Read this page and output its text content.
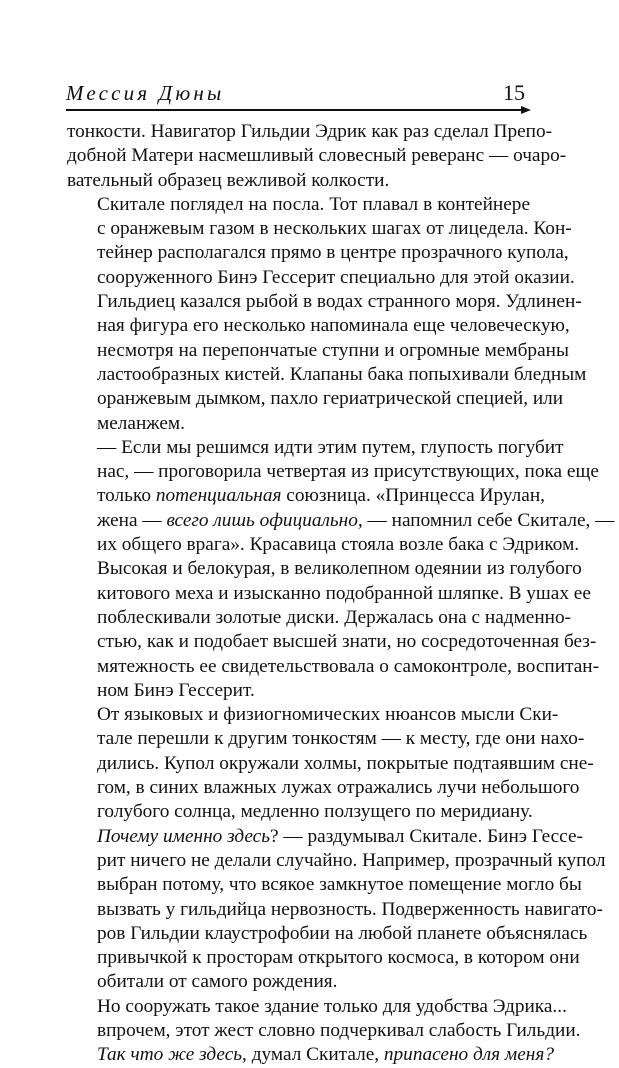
Мессия Дюны	15

тонкости. Навигатор Гильдии Эдрик как раз сделал Препо-
добной Матери насмешливый словесный реверанс — очаро-
вательный образец вежливой колкости.

Скитале поглядел на посла. Тот плавал в контейнере
с оранжевым газом в нескольких шагах от лицедела. Кон-
тейнер располагался прямо в центре прозрачного купола,
сооруженного Бинэ Гессерит специально для этой оказии.
Гильдиец казался рыбой в водах странного моря. Удлинен-
ная фигура его несколько напоминала еще человеческую,
несмотря на перепончатые ступни и огромные мембраны
ластообразных кистей. Клапаны бака попыхивали бледным
оранжевым дымком, пахло гериатрической специей, или
меланжем.

— Если мы решимся идти этим путем, глупость погубит
нас, — проговорила четвертая из присутствующих, пока еще
только потенциальная союзница. «Принцесса Ирулан,
жена — всего лишь официально, — напомнил себе Скитале, —
их общего врага». Красавица стояла возле бака с Эдриком.
Высокая и белокурая, в великолепном одеянии из голубого
китового меха и изысканно подобранной шляпке. В ушах ее
поблескивали золотые диски. Держалась она с надменно-
стью, как и подобает высшей знати, но сосредоточенная без-
мятежность ее свидетельствовала о самоконтроле, воспитан-
ном Бинэ Гессерит.

От языковых и физиогномических нюансов мысли Ски-
тале перешли к другим тонкостям — к месту, где они нахо-
дились. Купол окружали холмы, покрытые подтаявшим сне-
гом, в синих влажных лужах отражались лучи небольшого
голубого солнца, медленно ползущего по меридиану.

Почему именно здесь? — раздумывал Скитале. Бинэ Гессе-
рит ничего не делали случайно. Например, прозрачный купол
выбран потому, что всякое замкнутое помещение могло бы
вызвать у гильдийца нервозность. Подверженность навигато-
ров Гильдии клаустрофобии на любой планете объяснялась
привычкой к просторам открытого космоса, в котором они
обитали от самого рождения.

Но сооружать такое здание только для удобства Эдрика...
впрочем, этот жест словно подчеркивал слабость Гильдии.

Так что же здесь, думал Скитале, припасено для меня?
